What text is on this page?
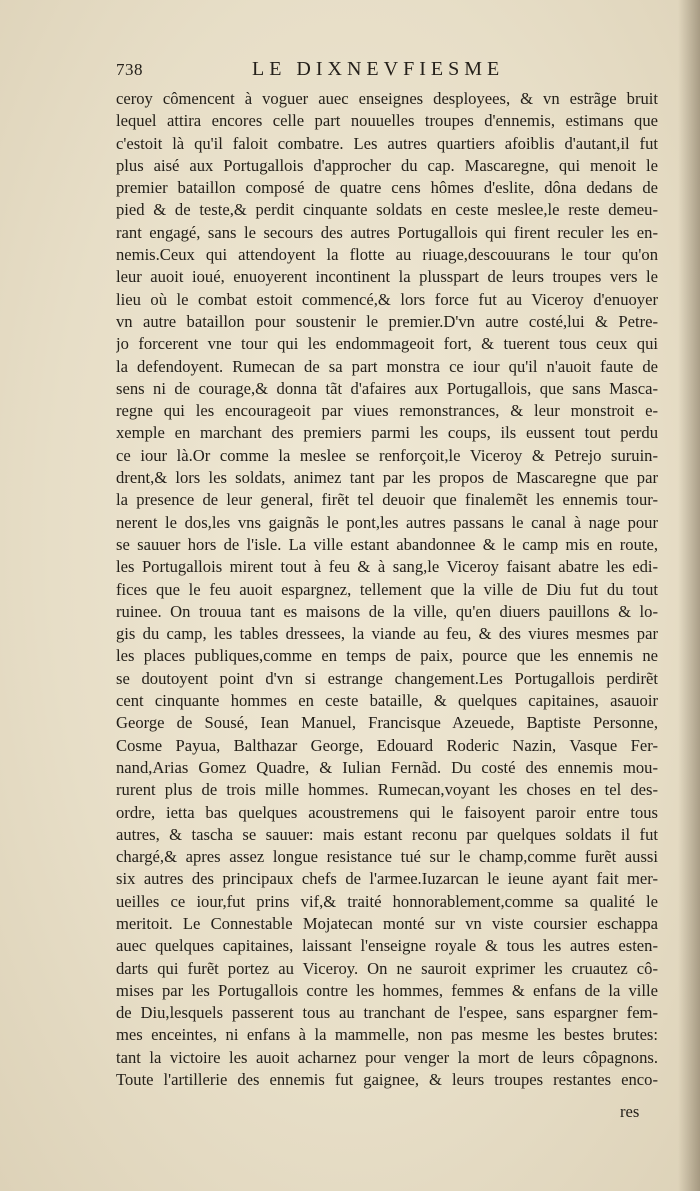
738	LE DIXNEVFIESME
ceroy cômencent à voguer auec enseignes desployees, & vn estrãge bruit
lequel attira encores celle part nouuelles troupes d'ennemis, estimans que
c'estoit là qu'il faloit combatre. Les autres quartiers afoiblis d'autant,il fut
plus aisé aux Portugallois d'approcher du cap. Mascaregne, qui menoit le
premier bataillon composé de quatre cens hômes d'eslite, dôna dedans de
pied & de teste,& perdit cinquante soldats en ceste meslee,le reste demeu-
rant engagé, sans le secours des autres Portugallois qui firent reculer les en-
nemis.Ceux qui attendoyent la flotte au riuage,descouurans le tour qu'on
leur auoit ioué, enuoyerent incontinent la plusspart de leurs troupes vers le
lieu où le combat estoit commencé,& lors force fut au Viceroy d'enuoyer
vn autre bataillon pour soustenir le premier.D'vn autre costé,lui & Petre-
jo forcerent vne tour qui les endommageoit fort, & tuerent tous ceux qui
la defendoyent. Rumecan de sa part monstra ce iour qu'il n'auoit faute de
sens ni de courage,& donna tãt d'afaires aux Portugallois, que sans Masca-
regne qui les encourageoit par viues remonstrances, & leur monstroit e-
xemple en marchant des premiers parmi les coups, ils eussent tout perdu
ce iour là.Or comme la meslee se renforçoit,le Viceroy & Petrejo suruin-
drent,& lors les soldats, animez tant par les propos de Mascaregne que par
la presence de leur general, firẽt tel deuoir que finalemẽt les ennemis tour-
nerent le dos,les vns gaignãs le pont,les autres passans le canal à nage pour
se sauuer hors de l'isle. La ville estant abandonnee & le camp mis en route,
les Portugallois mirent tout à feu & à sang,le Viceroy faisant abatre les edi-
fices que le feu auoit espargnez, tellement que la ville de Diu fut du tout
ruinee. On trouua tant es maisons de la ville, qu'en diuers pauillons & lo-
gis du camp, les tables dressees, la viande au feu, & des viures mesmes par
les places publiques,comme en temps de paix, pource que les ennemis ne
se doutoyent point d'vn si estrange changement.Les Portugallois perdirẽt
cent cinquante hommes en ceste bataille, & quelques capitaines, asauoir
George de Sousé, Iean Manuel, Francisque Azeuede, Baptiste Personne,
Cosme Payua, Balthazar George, Edouard Roderic Nazin, Vasque Fer-
nand,Arias Gomez Quadre, & Iulian Fernãd. Du costé des ennemis mou-
rurent plus de trois mille hommes. Rumecan,voyant les choses en tel des-
ordre, ietta bas quelques acoustremens qui le faisoyent paroir entre tous
autres, & tascha se sauuer: mais estant reconu par quelques soldats il fut
chargé,& apres assez longue resistance tué sur le champ,comme furẽt aussi
six autres des principaux chefs de l'armee.Iuzarcan le ieune ayant fait mer-
ueilles ce iour,fut prins vif,& traité honnorablement,comme sa qualité le
meritoit. Le Connestable Mojatecan monté sur vn viste coursier eschappa
auec quelques capitaines, laissant l'enseigne royale & tous les autres esten-
darts qui furẽt portez au Viceroy. On ne sauroit exprimer les cruautez cô-
mises par les Portugallois contre les hommes, femmes & enfans de la ville
de Diu,lesquels passerent tous au tranchant de l'espee, sans espargner fem-
mes enceintes, ni enfans à la mammelle, non pas mesme les bestes brutes:
tant la victoire les auoit acharnez pour venger la mort de leurs côpagnons.
Toute l'artillerie des ennemis fut gaignee, & leurs troupes restantes enco-
res
